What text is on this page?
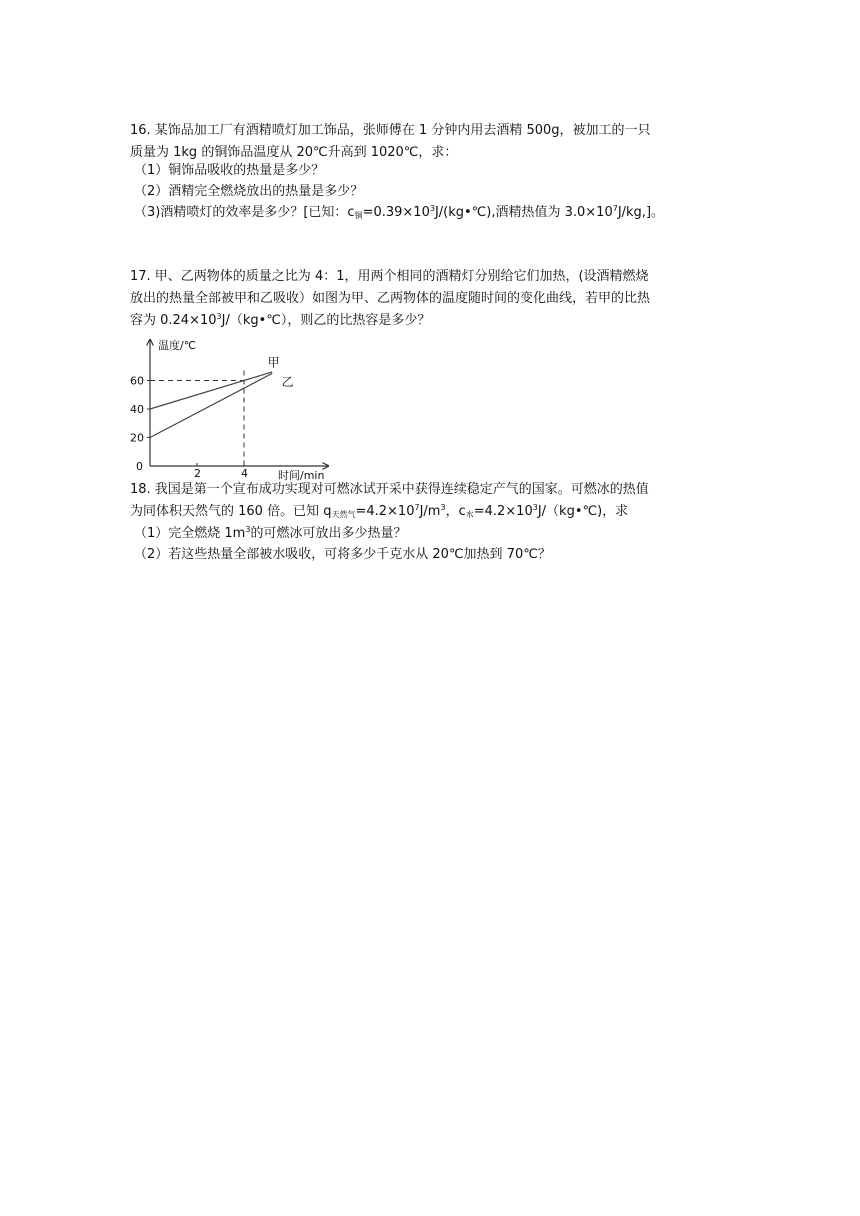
16. 某饰品加工厂有酒精喷灯加工饰品，张师傅在 1 分钟内用去酒精 500g，被加工的一只
质量为 1kg 的铜饰品温度从 20℃升高到 1020℃，求：
（1）铜饰品吸收的热量是多少？
（2）酒精完全燃烧放出的热量是多少？
（3)酒精喷灯的效率是多少？[已知：$c_铜=0.39\times 10^3J/(kg•℃)$,酒精热值为 $3.0\times 10^7J/kg$,]。
17. 甲、乙两物体的质量之比为 4：1，用两个相同的酒精灯分别给它们加热，(设酒精燃烧
放出的热量全部被甲和乙吸收）如图为甲、乙两物体的温度随时间的变化曲线，若甲的比热
容为 $0.24\times 10^3J/(kg•℃)$，则乙的比热容是多少？
温度/℃
时间/min
0
20
40
60
2	4
甲
乙
18. 我国是第一个宣布成功实现对可燃冰试开采中获得连续稳定产气的国家。可燃冰的热值
为同体积天然气的 160 倍。已知 $q_{天然气}=4.2\times 10^7J/m^3$，$c_水=4.2\times 10^3J/(kg•℃)$，求
（1）完全燃烧 $1m^3$的可燃冰可放出多少热量？
（2）若这些热量全部被水吸收，可将多少千克水从 20℃加热到 70℃？
